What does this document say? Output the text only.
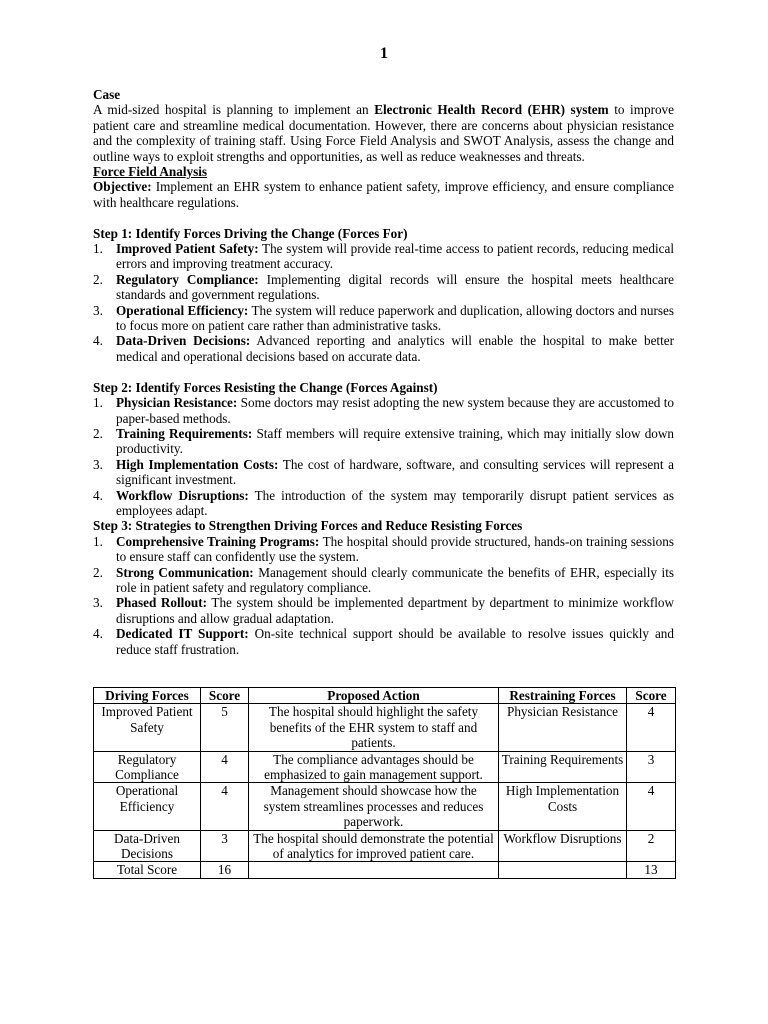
1

Case

A mid-sized hospital is planning to implement an Electronic Health Record (EHR) system to improve patient care and streamline medical documentation. However, there are concerns about physician resistance and the complexity of training staff. Using Force Field Analysis and SWOT Analysis, assess the change and outline ways to exploit strengths and opportunities, as well as reduce weaknesses and threats.

Force Field Analysis

Objective: Implement an EHR system to enhance patient safety, improve efficiency, and ensure compliance with healthcare regulations.

Step 1: Identify Forces Driving the Change (Forces For)

1. Improved Patient Safety: The system will provide real-time access to patient records, reducing medical errors and improving treatment accuracy.
2. Regulatory Compliance: Implementing digital records will ensure the hospital meets healthcare standards and government regulations.
3. Operational Efficiency: The system will reduce paperwork and duplication, allowing doctors and nurses to focus more on patient care rather than administrative tasks.
4. Data-Driven Decisions: Advanced reporting and analytics will enable the hospital to make better medical and operational decisions based on accurate data.

Step 2: Identify Forces Resisting the Change (Forces Against)

1. Physician Resistance: Some doctors may resist adopting the new system because they are accustomed to paper-based methods.
2. Training Requirements: Staff members will require extensive training, which may initially slow down productivity.
3. High Implementation Costs: The cost of hardware, software, and consulting services will represent a significant investment.
4. Workflow Disruptions: The introduction of the system may temporarily disrupt patient services as employees adapt.

Step 3: Strategies to Strengthen Driving Forces and Reduce Resisting Forces

1. Comprehensive Training Programs: The hospital should provide structured, hands-on training sessions to ensure staff can confidently use the system.
2. Strong Communication: Management should clearly communicate the benefits of EHR, especially its role in patient safety and regulatory compliance.
3. Phased Rollout: The system should be implemented department by department to minimize workflow disruptions and allow gradual adaptation.
4. Dedicated IT Support: On-site technical support should be available to resolve issues quickly and reduce staff frustration.
Driving Forces	Score	Proposed Action	Restraining Forces	Score
Improved Patient Safety	5	The hospital should highlight the safety benefits of the EHR system to staff and patients.	Physician Resistance	4
Regulatory Compliance	4	The compliance advantages should be emphasized to gain management support.	Training Requirements	3
Operational Efficiency	4	Management should showcase how the system streamlines processes and reduces paperwork.	High Implementation Costs	4
Data-Driven Decisions	3	The hospital should demonstrate the potential of analytics for improved patient care.	Workflow Disruptions	2
Total Score	16			13
